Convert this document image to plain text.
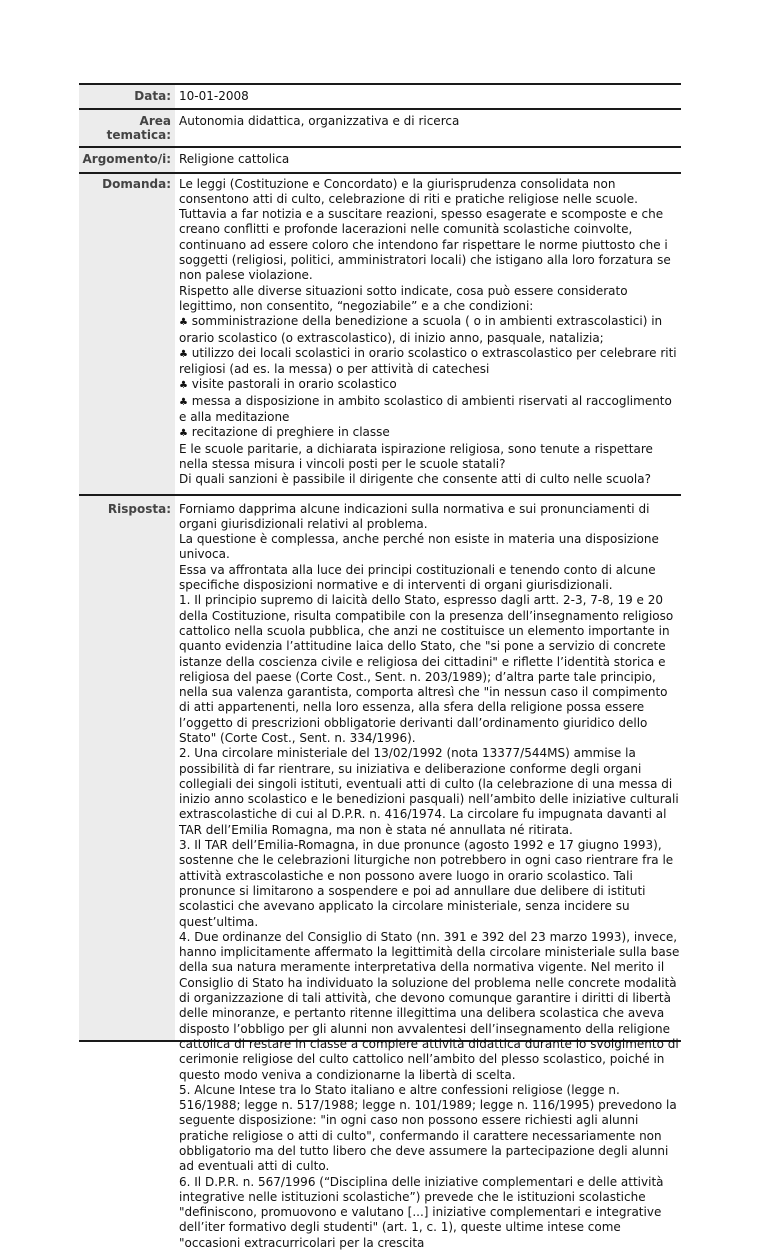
Data: 10-01-2008
Area tematica:
Autonomia didattica, organizzativa e di ricerca
Argomento/i: Religione cattolica
Domanda: Le leggi (Costituzione e Concordato) e la giurisprudenza consolidata non consentono atti di culto, celebrazione di riti e pratiche religiose nelle scuole. Tuttavia a far notizia e a suscitare reazioni, spesso esagerate e scomposte e che creano conflitti e profonde lacerazioni nelle comunità scolastiche coinvolte, continuano ad essere coloro che intendono far rispettare le norme piuttosto che i soggetti (religiosi, politici, amministratori locali) che istigano alla loro forzatura se non palese violazione.

Rispetto alle diverse situazioni sotto indicate, cosa può essere considerato legittimo, non consentito, “negoziabile” e a che condizioni:

♣ somministrazione della benedizione a scuola ( o in ambienti extrascolastici) in orario scolastico (o extrascolastico), di inizio anno, pasquale, natalizia;

♣ utilizzo dei locali scolastici in orario scolastico o extrascolastico per celebrare riti religiosi (ad es. la messa) o per attività di catechesi

♣ visite pastorali in orario scolastico

♣ messa a disposizione in ambito scolastico di ambienti riservati al raccoglimento e alla meditazione

♣ recitazione di preghiere in classe

E le scuole paritarie, a dichiarata ispirazione religiosa, sono tenute a rispettare nella stessa misura i vincoli posti per le scuole statali?

Di quali sanzioni è passibile il dirigente che consente atti di culto nelle scuola?

Risposta: Forniamo dapprima alcune indicazioni sulla normativa e sui pronunciamenti di organi giurisdizionali relativi al problema.

La questione è complessa, anche perché non esiste in materia una disposizione univoca.

Essa va affrontata alla luce dei principi costituzionali e tenendo conto di alcune specifiche disposizioni normative e di interventi di organi giurisdizionali.

1. Il principio supremo di laicità dello Stato, espresso dagli artt. 2-3, 7-8, 19 e 20 della Costituzione, risulta compatibile con la presenza dell’insegnamento religioso cattolico nella scuola pubblica, che anzi ne costituisce un elemento importante in quanto evidenzia l’attitudine laica dello Stato, che "si pone a servizio di concrete istanze della coscienza civile e religiosa dei cittadini" e riflette l’identità storica e religiosa del paese (Corte Cost., Sent. n. 203/1989); d’altra parte tale principio, nella sua valenza garantista, comporta altresì che "in nessun caso il compimento di atti appartenenti, nella loro essenza, alla sfera della religione possa essere l’oggetto di prescrizioni obbligatorie derivanti dall’ordinamento giuridico dello Stato" (Corte Cost., Sent. n. 334/1996).

2. Una circolare ministeriale del 13/02/1992 (nota 13377/544MS) ammise la possibilità di far rientrare, su iniziativa e deliberazione conforme degli organi collegiali dei singoli istituti, eventuali atti di culto (la celebrazione di una messa di inizio anno scolastico e le benedizioni pasquali) nell’ambito delle iniziative culturali extrascolastiche di cui al D.P.R. n. 416/1974. La circolare fu impugnata davanti al TAR dell’Emilia Romagna, ma non è stata né annullata né ritirata.

3. Il TAR dell’Emilia-Romagna, in due pronunce (agosto 1992 e 17 giugno 1993), sostenne che le celebrazioni liturgiche non potrebbero in ogni caso rientrare fra le attività extrascolastiche e non possono avere luogo in orario scolastico. Tali pronunce si limitarono a sospendere e poi ad annullare due delibere di istituti scolastici che avevano applicato la circolare ministeriale, senza incidere su quest’ultima.

4. Due ordinanze del Consiglio di Stato (nn. 391 e 392 del 23 marzo 1993), invece, hanno implicitamente affermato la legittimità della circolare ministeriale sulla base della sua natura meramente interpretativa della normativa vigente. Nel merito il Consiglio di Stato ha individuato la soluzione del problema nelle concrete modalità di organizzazione di tali attività, che devono comunque garantire i diritti di libertà delle minoranze, e pertanto ritenne illegittima una delibera scolastica che aveva disposto l’obbligo per gli alunni non avvalentesi dell’insegnamento della religione cattolica di restare in classe a compiere attività didattica durante lo svolgimento di cerimonie religiose del culto cattolico nell’ambito del plesso scolastico, poiché in questo modo veniva a condizionarne la libertà di scelta.

5. Alcune Intese tra lo Stato italiano e altre confessioni religiose (legge n. 516/1988; legge n. 517/1988; legge n. 101/1989; legge n. 116/1995) prevedono la seguente disposizione: "in ogni caso non possono essere richiesti agli alunni pratiche religiose o atti di culto", confermando il carattere necessariamente non obbligatorio ma del tutto libero che deve assumere la partecipazione degli alunni ad eventuali atti di culto.

6. Il D.P.R. n. 567/1996 (“Disciplina delle iniziative complementari e delle attività integrative nelle istituzioni scolastiche”) prevede che le istituzioni scolastiche "definiscono, promuovono e valutano [...] iniziative complementari e integrative dell’iter formativo degli studenti" (art. 1, c. 1), queste ultime intese come "occasioni extracurricolari per la crescita
